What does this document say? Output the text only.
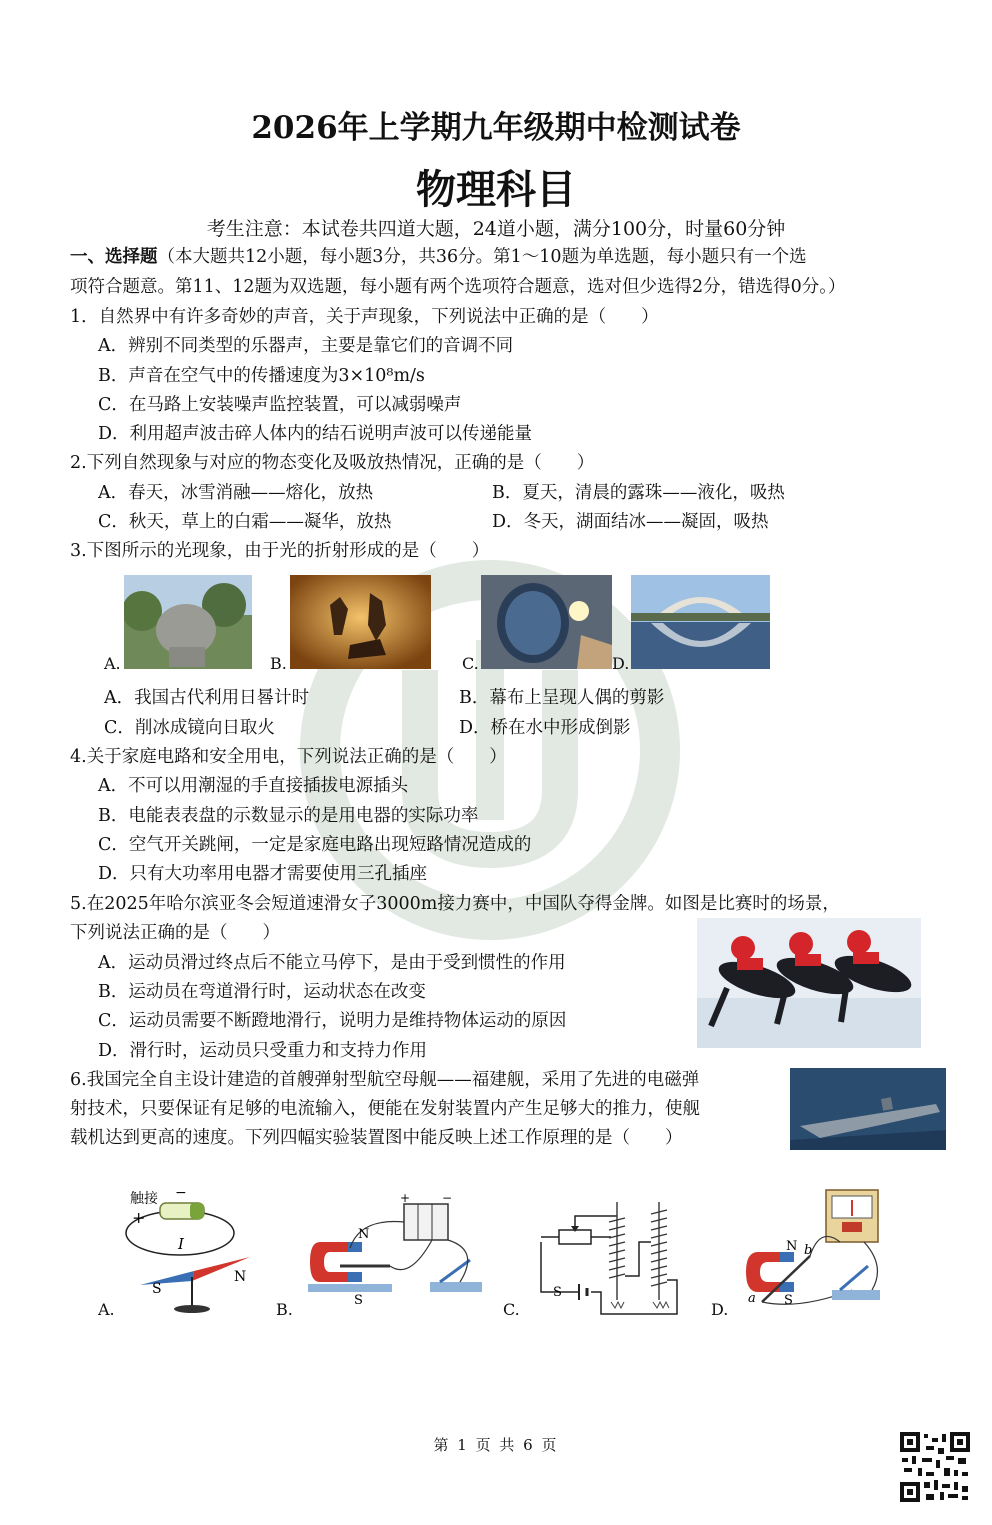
2026年上学期九年级期中检测试卷
物理科目
考生注意：本试卷共四道大题，24道小题，满分100分，时量60分钟
一、选择题（本大题共12小题，每小题3分，共36分。第1～10题为单选题，每小题只有一个选
项符合题意。第11、12题为双选题，每小题有两个选项符合题意，选对但少选得2分，错选得0分。）
1．自然界中有许多奇妙的声音，关于声现象，下列说法中正确的是（　　）
A．辨别不同类型的乐器声，主要是靠它们的音调不同
B．声音在空气中的传播速度为3×10⁸m/s
C．在马路上安装噪声监控装置，可以减弱噪声
D．利用超声波击碎人体内的结石说明声波可以传递能量
2.下列自然现象与对应的物态变化及吸放热情况，正确的是（　　）
A．春天，冰雪消融——熔化，放热	B．夏天，清晨的露珠——液化，吸热
C．秋天，草上的白霜——凝华，放热	D．冬天，湖面结冰——凝固，吸热
3.下图所示的光现象，由于光的折射形成的是（　　）
A.	B.	C.	D.
A．我国古代利用日晷计时	B．幕布上呈现人偶的剪影
C．削冰成镜向日取火	D．桥在水中形成倒影
4.关于家庭电路和安全用电，下列说法正确的是（　　）
A．不可以用潮湿的手直接插拔电源插头
B．电能表表盘的示数显示的是用电器的实际功率
C．空气开关跳闸，一定是家庭电路出现短路情况造成的
D．只有大功率用电器才需要使用三孔插座
5.在2025年哈尔滨亚冬会短道速滑女子3000m接力赛中，中国队夺得金牌。如图是比赛时的场景，
下列说法正确的是（　　）
A．运动员滑过终点后不能立马停下，是由于受到惯性的作用
B．运动员在弯道滑行时，运动状态在改变
C．运动员需要不断蹬地滑行，说明力是维持物体运动的原因
D．滑行时，运动员只受重力和支持力作用
6.我国完全自主设计建造的首艘弹射型航空母舰——福建舰，采用了先进的电磁弹
射技术，只要保证有足够的电流输入，便能在发射装置内产生足够大的推力，使舰
载机达到更高的速度。下列四幅实验装置图中能反映上述工作原理的是（　　）
触接 −
+
I
S
N
A.
N
S
+	−
B.
S
C.
N
S
a
b
D.
第 1 页 共 6 页
